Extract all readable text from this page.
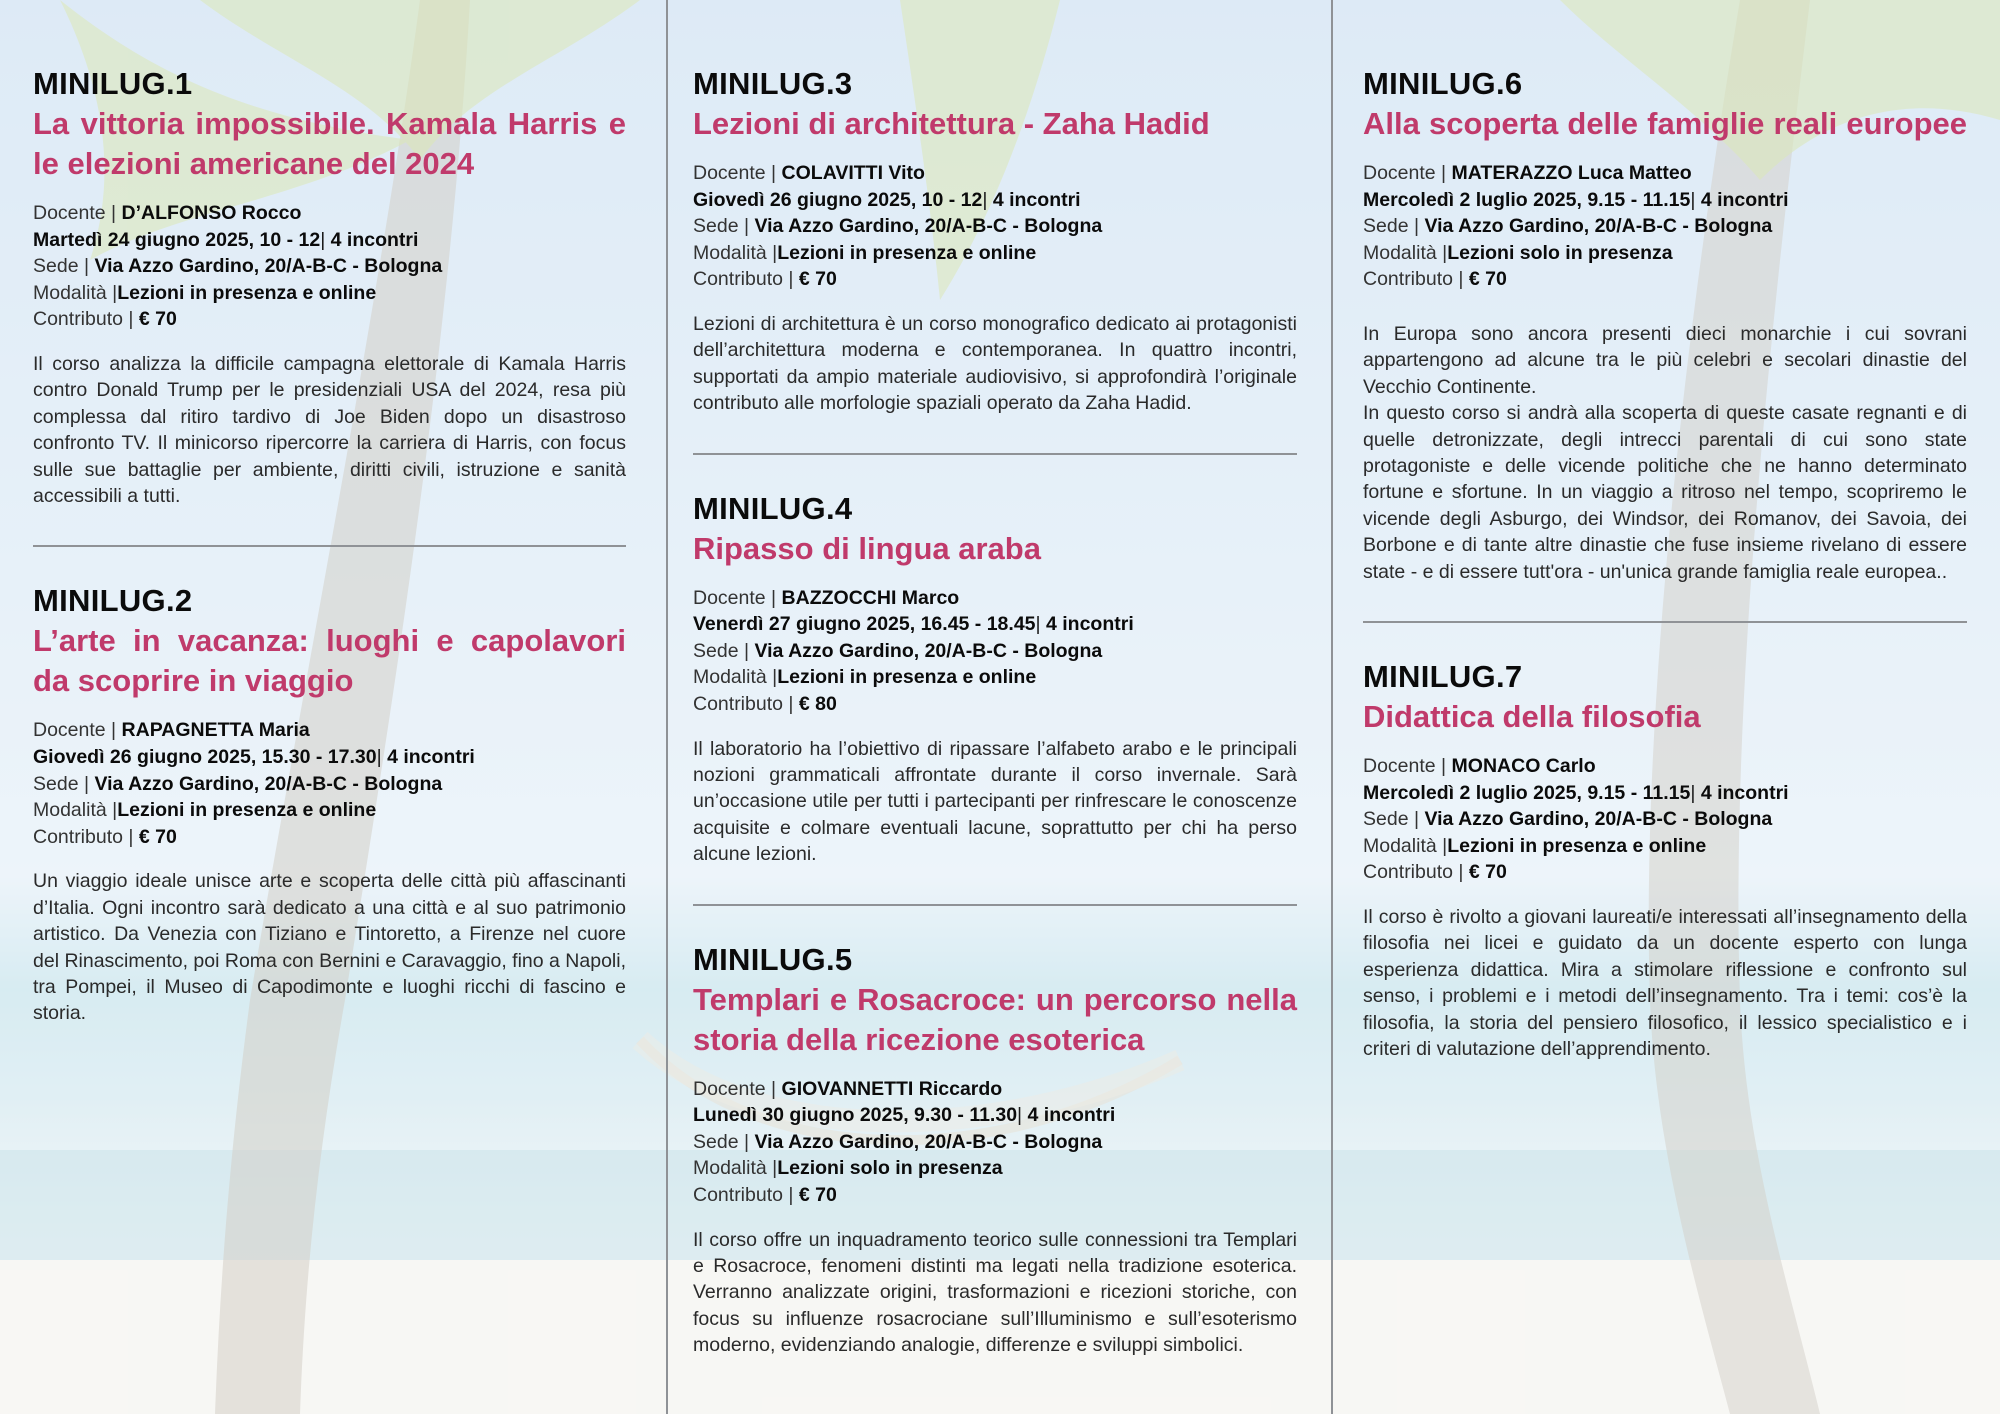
MINILUG.1
La vittoria impossibile. Kamala Harris e le elezioni americane del 2024
Docente | D’ALFONSO Rocco
Martedì 24 giugno 2025, 10 - 12| 4 incontri
Sede | Via Azzo Gardino, 20/A-B-C - Bologna
Modalità |Lezioni in presenza e online
Contributo | € 70
Il corso analizza la difficile campagna elettorale di Kamala Harris contro Donald Trump per le presidenziali USA del 2024, resa più complessa dal ritiro tardivo di Joe Biden dopo un disastroso confronto TV. Il minicorso ripercorre la carriera di Harris, con focus sulle sue battaglie per ambiente, diritti civili, istruzione e sanità accessibili a tutti.
MINILUG.2
L’arte in vacanza: luoghi e capolavori da scoprire in viaggio
Docente | RAPAGNETTA Maria
Giovedì 26 giugno 2025, 15.30 - 17.30| 4 incontri
Sede | Via Azzo Gardino, 20/A-B-C - Bologna
Modalità |Lezioni in presenza e online
Contributo | € 70
Un viaggio ideale unisce arte e scoperta delle città più affascinanti d’Italia. Ogni incontro sarà dedicato a una città e al suo patrimonio artistico. Da Venezia con Tiziano e Tintoretto, a Firenze nel cuore del Rinascimento, poi Roma con Bernini e Caravaggio, fino a Napoli, tra Pompei, il Museo di Capodimonte e luoghi ricchi di fascino e storia.
MINILUG.3
Lezioni di architettura - Zaha Hadid
Docente | COLAVITTI Vito
Giovedì 26 giugno 2025, 10 - 12| 4 incontri
Sede | Via Azzo Gardino, 20/A-B-C - Bologna
Modalità |Lezioni in presenza e online
Contributo | € 70
Lezioni di architettura è un corso monografico dedicato ai protagonisti dell’architettura moderna e contemporanea. In quattro incontri, supportati da ampio materiale audiovisivo, si approfondirà l’originale contributo alle morfologie spaziali operato da Zaha Hadid.
MINILUG.4
Ripasso di lingua araba
Docente | BAZZOCCHI Marco
Venerdì 27 giugno 2025, 16.45 - 18.45| 4 incontri
Sede | Via Azzo Gardino, 20/A-B-C - Bologna
Modalità |Lezioni in presenza e online
Contributo | € 80
Il laboratorio ha l’obiettivo di ripassare l’alfabeto arabo e le principali nozioni grammaticali affrontate durante il corso invernale. Sarà un’occasione utile per tutti i partecipanti per rinfrescare le conoscenze acquisite e colmare eventuali lacune, soprattutto per chi ha perso alcune lezioni.
MINILUG.5
Templari e Rosacroce: un percorso nella storia della ricezione esoterica
Docente | GIOVANNETTI Riccardo
Lunedì 30 giugno 2025, 9.30 - 11.30| 4 incontri
Sede | Via Azzo Gardino, 20/A-B-C - Bologna
Modalità |Lezioni solo in presenza
Contributo | € 70
Il corso offre un inquadramento teorico sulle connessioni tra Templari e Rosacroce, fenomeni distinti ma legati nella tradizione esoterica. Verranno analizzate origini, trasformazioni e ricezioni storiche, con focus su influenze rosacrociane sull’Illuminismo e sull’esoterismo moderno, evidenziando analogie, differenze e sviluppi simbolici.
MINILUG.6
Alla scoperta delle famiglie reali europee
Docente | MATERAZZO Luca Matteo
Mercoledì 2 luglio 2025, 9.15 - 11.15| 4 incontri
Sede | Via Azzo Gardino, 20/A-B-C - Bologna
Modalità |Lezioni solo in presenza
Contributo | € 70
In Europa sono ancora presenti dieci monarchie i cui sovrani appartengono ad alcune tra le più celebri e secolari dinastie del Vecchio Continente.
In questo corso si andrà alla scoperta di queste casate regnanti e di quelle detronizzate, degli intrecci parentali di cui sono state protagoniste e delle vicende politiche che ne hanno determinato fortune e sfortune. In un viaggio a ritroso nel tempo, scopriremo le vicende degli Asburgo, dei Windsor, dei Romanov, dei Savoia, dei Borbone e di tante altre dinastie che fuse insieme rivelano di essere state - e di essere tutt'ora - un'unica grande famiglia reale europea..
MINILUG.7
Didattica della filosofia
Docente | MONACO Carlo
Mercoledì 2 luglio 2025, 9.15 - 11.15| 4 incontri
Sede | Via Azzo Gardino, 20/A-B-C - Bologna
Modalità |Lezioni in presenza e online
Contributo | € 70
Il corso è rivolto a giovani laureati/e interessati all’insegnamento della filosofia nei licei e guidato da un docente esperto con lunga esperienza didattica. Mira a stimolare riflessione e confronto sul senso, i problemi e i metodi dell’insegnamento. Tra i temi: cos’è la filosofia, la storia del pensiero filosofico, il lessico specialistico e i criteri di valutazione dell’apprendimento.
